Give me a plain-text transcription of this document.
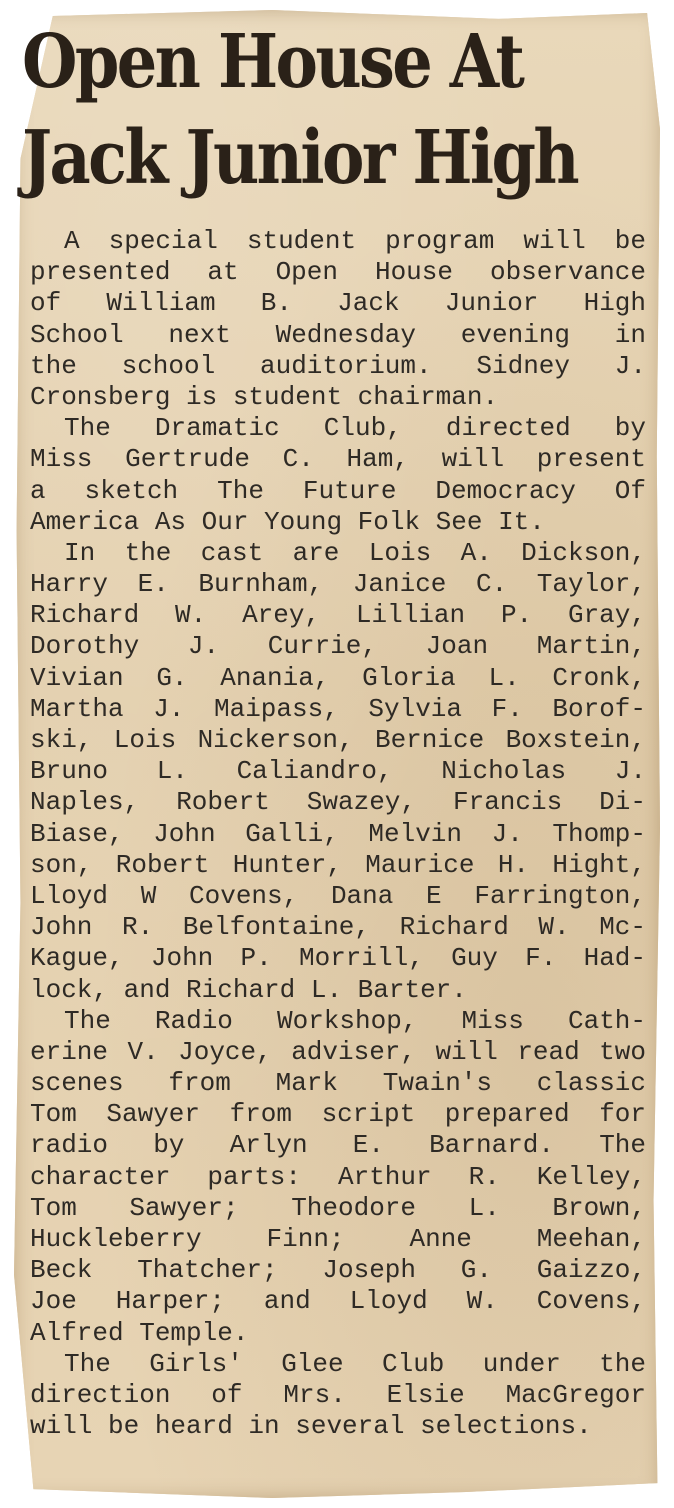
Open House At
Jack Junior High
A special student program will be
presented at Open House observance
of William B. Jack Junior High
School next Wednesday evening in
the school auditorium. Sidney J.
Cronsberg is student chairman.
The Dramatic Club, directed by
Miss Gertrude C. Ham, will present
a sketch The Future Democracy Of
America As Our Young Folk See It.
In the cast are Lois A. Dickson,
Harry E. Burnham, Janice C. Taylor,
Richard W. Arey, Lillian P. Gray,
Dorothy J. Currie, Joan Martin,
Vivian G. Anania, Gloria L. Cronk,
Martha J. Maipass, Sylvia F. Borof-
ski, Lois Nickerson, Bernice Boxstein,
Bruno L. Caliandro, Nicholas J.
Naples, Robert Swazey, Francis Di-
Biase, John Galli, Melvin J. Thomp-
son, Robert Hunter, Maurice H. Hight,
Lloyd W Covens, Dana E Farrington,
John R. Belfontaine, Richard W. Mc-
Kague, John P. Morrill, Guy F. Had-
lock, and Richard L. Barter.
The Radio Workshop, Miss Cath-
erine V. Joyce, adviser, will read two
scenes from Mark Twain's classic
Tom Sawyer from script prepared for
radio by Arlyn E. Barnard. The
character parts: Arthur R. Kelley,
Tom Sawyer; Theodore L. Brown,
Huckleberry Finn; Anne Meehan,
Beck Thatcher; Joseph G. Gaizzo,
Joe Harper; and Lloyd W. Covens,
Alfred Temple.
The Girls' Glee Club under the
direction of Mrs. Elsie MacGregor
will be heard in several selections.
